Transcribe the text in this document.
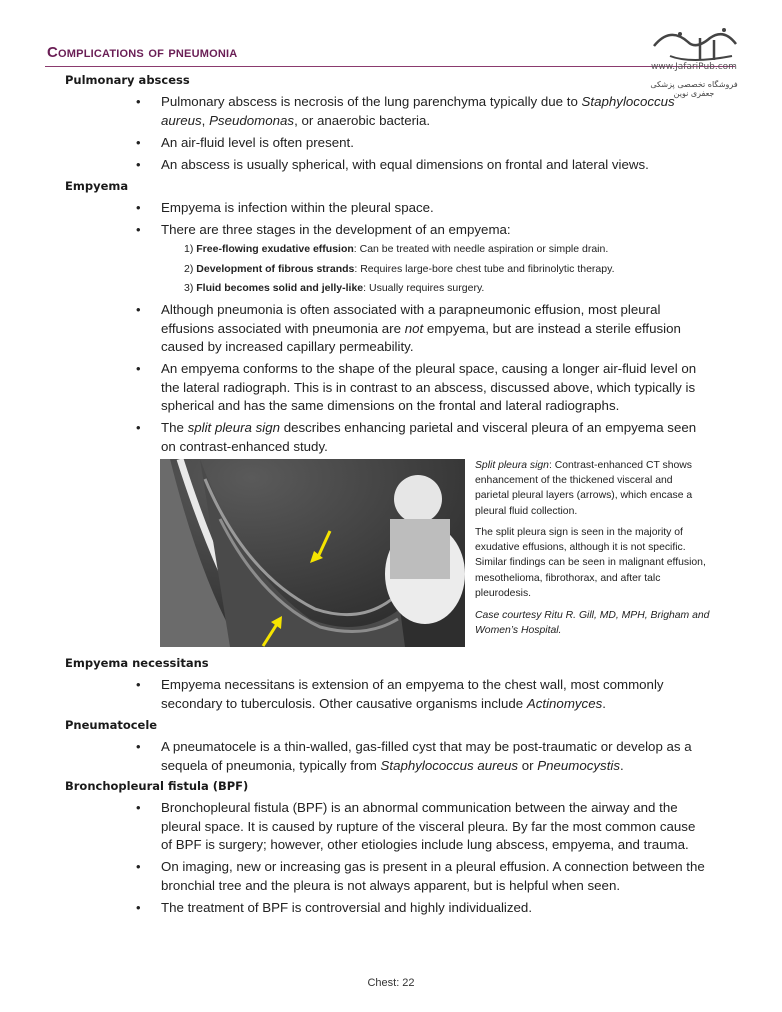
Complications of pneumonia
www.JafariPub.com
فروشگاه تخصصی پزشکی جعفری نوین
Pulmonary abscess
• Pulmonary abscess is necrosis of the lung parenchyma typically due to Staphylococcus
aureus, Pseudomonas, or anaerobic bacteria.
• An air-fluid level is often present.
• An abscess is usually spherical, with equal dimensions on frontal and lateral views.
Empyema
• Empyema is infection within the pleural space.
• There are three stages in the development of an empyema:
1) Free-flowing exudative effusion: Can be treated with needle aspiration or simple drain.
2) Development of fibrous strands: Requires large-bore chest tube and fibrinolytic therapy.
3) Fluid becomes solid and jelly-like: Usually requires surgery.
• Although pneumonia is often associated with a parapneumonic effusion, most pleural
effusions associated with pneumonia are not empyema, but are instead a sterile effusion
caused by increased capillary permeability.
• An empyema conforms to the shape of the pleural space, causing a longer air-fluid level on
the lateral radiograph. This is in contrast to an abscess, discussed above, which typically is
spherical and has the same dimensions on the frontal and lateral radiographs.
• The split pleura sign describes enhancing parietal and visceral pleura of an empyema seen
on contrast-enhanced study.
Split pleura sign: Contrast-enhanced CT shows
enhancement of the thickened visceral and
parietal pleural layers (arrows), which encase a
pleural fluid collection.
The split pleura sign is seen in the majority of
exudative effusions, although it is not specific.
Similar findings can be seen in malignant effusion,
mesothelioma, fibrothorax, and after talc
pleurodesis.
Case courtesy Ritu R. Gill, MD, MPH, Brigham and
Women’s Hospital.
Empyema necessitans
• Empyema necessitans is extension of an empyema to the chest wall, most commonly
secondary to tuberculosis. Other causative organisms include Actinomyces.
Pneumatocele
• A pneumatocele is a thin-walled, gas-filled cyst that may be post-traumatic or develop as a
sequela of pneumonia, typically from Staphylococcus aureus or Pneumocystis.
Bronchopleural fistula (BPF)
• Bronchopleural fistula (BPF) is an abnormal communication between the airway and the
pleural space. It is caused by rupture of the visceral pleura. By far the most common cause
of BPF is surgery; however, other etiologies include lung abscess, empyema, and trauma.
• On imaging, new or increasing gas is present in a pleural effusion. A connection between the
bronchial tree and the pleura is not always apparent, but is helpful when seen.
• The treatment of BPF is controversial and highly individualized.
Chest: 22
